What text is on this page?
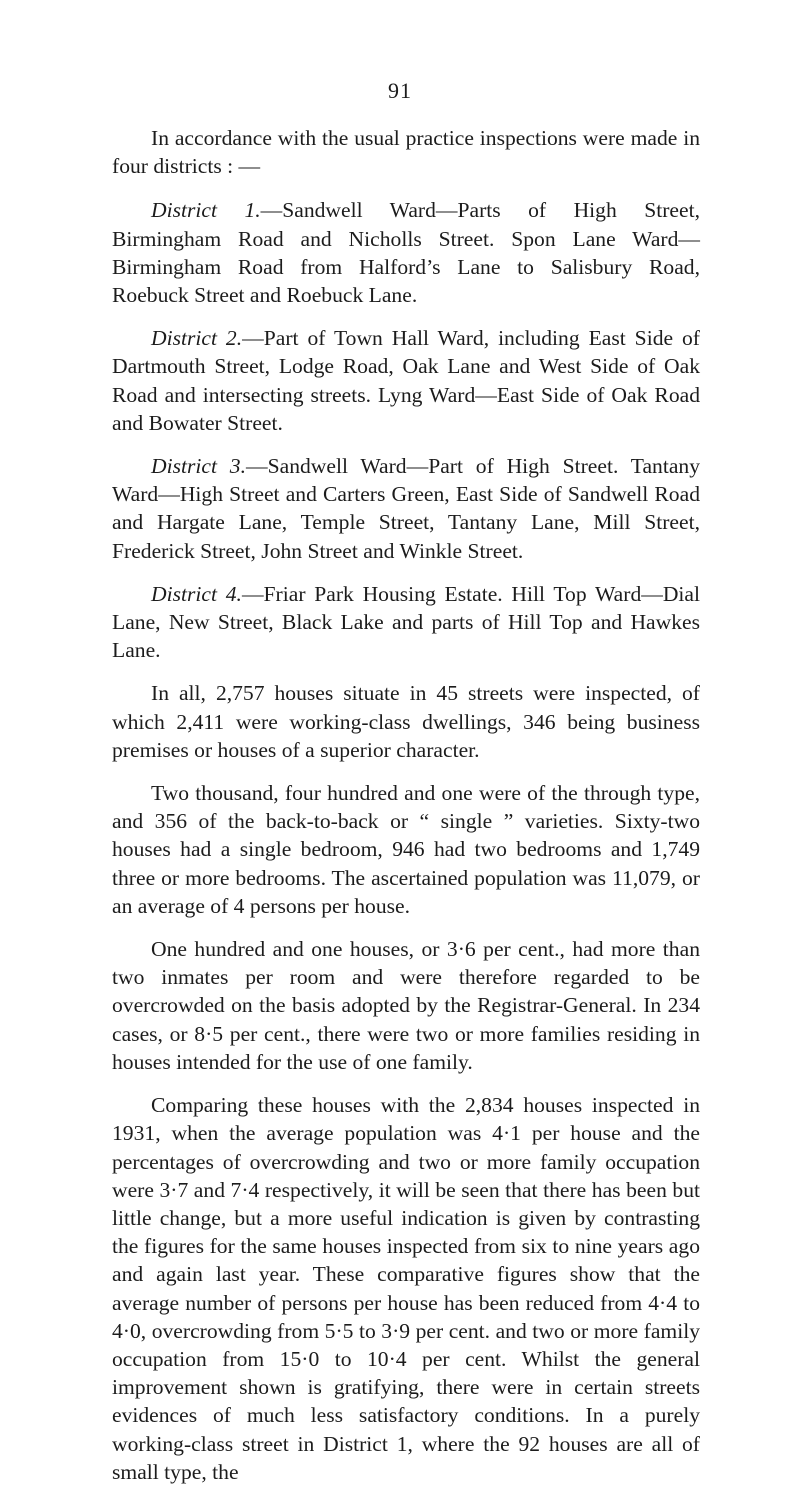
91

In accordance with the usual practice inspections were made in four districts : —

District 1.—Sandwell Ward—Parts of High Street, Birmingham Road and Nicholls Street. Spon Lane Ward—Birmingham Road from Halford’s Lane to Salisbury Road, Roebuck Street and Roebuck Lane.

District 2.—Part of Town Hall Ward, including East Side of Dartmouth Street, Lodge Road, Oak Lane and West Side of Oak Road and intersecting streets. Lyng Ward—East Side of Oak Road and Bowater Street.

District 3.—Sandwell Ward—Part of High Street. Tantany Ward—High Street and Carters Green, East Side of Sandwell Road and Hargate Lane, Temple Street, Tantany Lane, Mill Street, Frederick Street, John Street and Winkle Street.

District 4.—Friar Park Housing Estate. Hill Top Ward—Dial Lane, New Street, Black Lake and parts of Hill Top and Hawkes Lane.

In all, 2,757 houses situate in 45 streets were inspected, of which 2,411 were working-class dwellings, 346 being business premises or houses of a superior character.

Two thousand, four hundred and one were of the through type, and 356 of the back-to-back or “ single ” varieties. Sixty-two houses had a single bedroom, 946 had two bedrooms and 1,749 three or more bedrooms. The ascertained population was 11,079, or an average of 4 persons per house.

One hundred and one houses, or 3·6 per cent., had more than two inmates per room and were therefore regarded to be overcrowded on the basis adopted by the Registrar-General. In 234 cases, or 8·5 per cent., there were two or more families residing in houses intended for the use of one family.

Comparing these houses with the 2,834 houses inspected in 1931, when the average population was 4·1 per house and the percentages of overcrowding and two or more family occupation were 3·7 and 7·4 respectively, it will be seen that there has been but little change, but a more useful indication is given by contrasting the figures for the same houses inspected from six to nine years ago and again last year. These comparative figures show that the average number of persons per house has been reduced from 4·4 to 4·0, overcrowding from 5·5 to 3·9 per cent. and two or more family occupation from 15·0 to 10·4 per cent. Whilst the general improvement shown is gratifying, there were in certain streets evidences of much less satisfactory conditions. In a purely working-class street in District 1, where the 92 houses are all of small type, the
